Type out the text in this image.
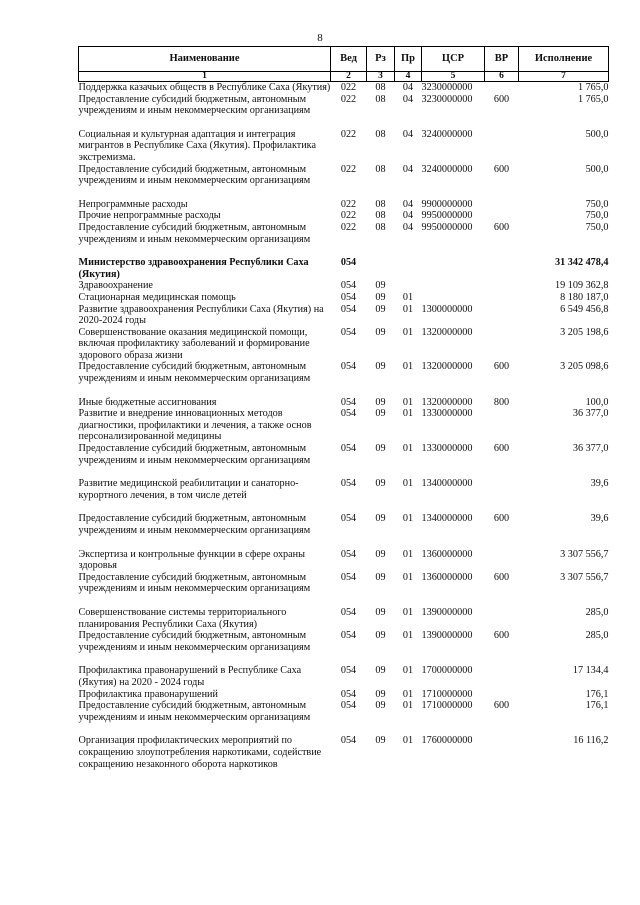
8
Наименование	Вед	Рз	Пр	ЦСР	ВР	Исполнение
1	2	3	4	5	6	7
Поддержка казачьих обществ в Республике Саха (Якутия)	022	08	04	3230000000		1 765,0
Предоставление субсидий бюджетным, автономным учреждениям и иным некоммерческим организациям	022	08	04	3230000000	600	1 765,0

Социальная и культурная адаптация и интеграция мигрантов в Республике Саха (Якутия). Профилактика экстремизма.	022	08	04	3240000000		500,0
Предоставление субсидий бюджетным, автономным учреждениям и иным некоммерческим организациям	022	08	04	3240000000	600	500,0

Непрограммные расходы	022	08	04	9900000000		750,0
Прочие непрограммные расходы	022	08	04	9950000000		750,0
Предоставление субсидий бюджетным, автономным учреждениям и иным некоммерческим организациям	022	08	04	9950000000	600	750,0

Министерство здравоохранения Республики Саха (Якутия)	054					31 342 478,4
Здравоохранение	054	09				19 109 362,8
Стационарная медицинская помощь	054	09	01			8 180 187,0
Развитие здравоохранения Республики Саха (Якутия) на 2020-2024 годы	054	09	01	1300000000		6 549 456,8
Совершенствование оказания медицинской помощи, включая профилактику заболеваний и формирование здорового образа жизни	054	09	01	1320000000		3 205 198,6
Предоставление субсидий бюджетным, автономным учреждениям и иным некоммерческим организациям	054	09	01	1320000000	600	3 205 098,6

Иные бюджетные ассигнования	054	09	01	1320000000	800	100,0
Развитие и внедрение инновационных методов диагностики, профилактики и лечения, а также основ персонализированной медицины	054	09	01	1330000000		36 377,0
Предоставление субсидий бюджетным, автономным учреждениям и иным некоммерческим организациям	054	09	01	1330000000	600	36 377,0

Развитие медицинской реабилитации и санаторно-курортного лечения, в том числе детей	054	09	01	1340000000		39,6

Предоставление субсидий бюджетным, автономным учреждениям и иным некоммерческим организациям	054	09	01	1340000000	600	39,6

Экспертиза и контрольные функции в сфере охраны здоровья	054	09	01	1360000000		3 307 556,7
Предоставление субсидий бюджетным, автономным учреждениям и иным некоммерческим организациям	054	09	01	1360000000	600	3 307 556,7

Совершенствование системы территориального планирования Республики Саха (Якутия)	054	09	01	1390000000		285,0
Предоставление субсидий бюджетным, автономным учреждениям и иным некоммерческим организациям	054	09	01	1390000000	600	285,0

Профилактика правонарушений в Республике Саха (Якутия) на 2020 - 2024 годы	054	09	01	1700000000		17 134,4
Профилактика правонарушений	054	09	01	1710000000		176,1
Предоставление субсидий бюджетным, автономным учреждениям и иным некоммерческим организациям	054	09	01	1710000000	600	176,1

Организация профилактических мероприятий по сокращению злоупотребления наркотиками, содействие сокращению незаконного оборота наркотиков	054	09	01	1760000000		16 116,2
